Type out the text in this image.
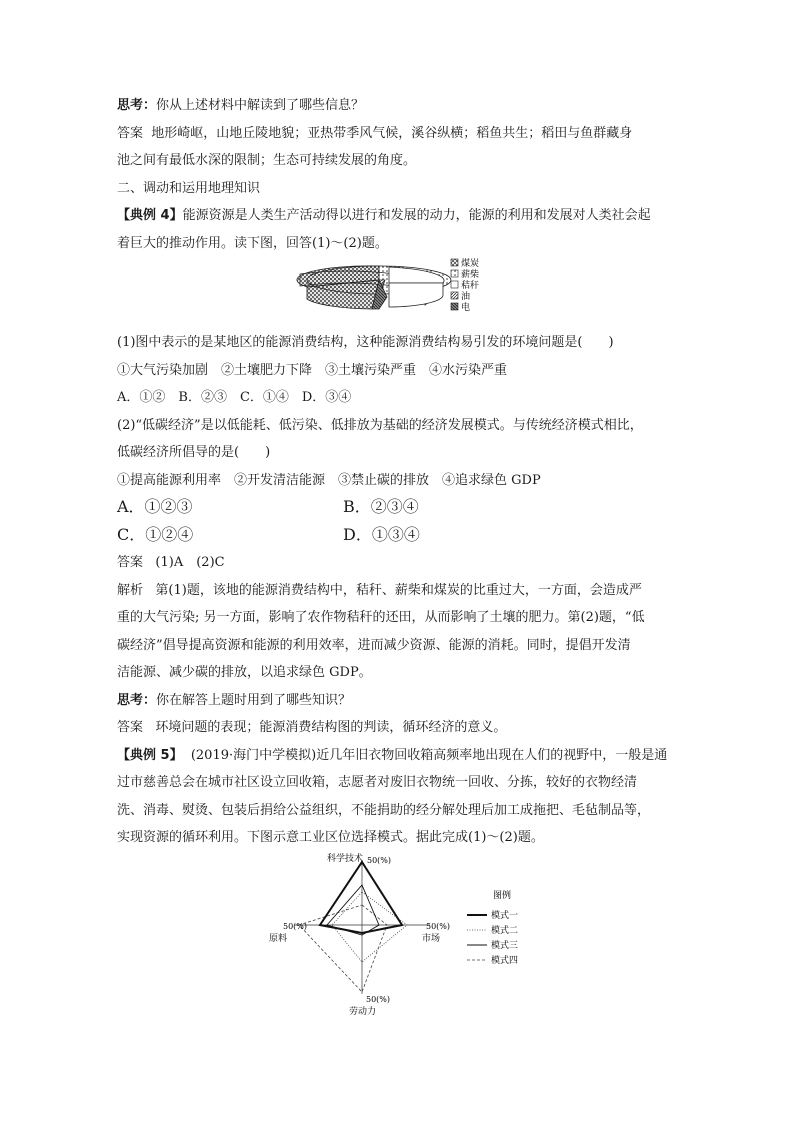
思考：你从上述材料中解读到了哪些信息？
答案 地形崎岖，山地丘陵地貌；亚热带季风气候，溪谷纵横；稻鱼共生；稻田与鱼群藏身
池之间有最低水深的限制；生态可持续发展的角度。
二、调动和运用地理知识
【典例 4】能源资源是人类生产活动得以进行和发展的动力，能源的利用和发展对人类社会起
着巨大的推动作用。读下图，回答(1)～(2)题。
煤炭
薪柴
秸秆
油
电
(1)图中表示的是某地区的能源消费结构，这种能源消费结构易引发的环境问题是(　　)
①大气污染加剧　②土壤肥力下降　③土壤污染严重　④水污染严重
A．①②　B．②③　C．①④　D．③④
(2)“低碳经济”是以低能耗、低污染、低排放为基础的经济发展模式。与传统经济模式相比，
低碳经济所倡导的是(　　)
①提高能源利用率　②开发清洁能源　③禁止碳的排放　④追求绿色 GDP
A．①②③	B．②③④
C．①②④	D．①③④
答案 (1)A　(2)C
解析 第(1)题，该地的能源消费结构中，秸秆、薪柴和煤炭的比重过大，一方面，会造成严
重的大气污染; 另一方面，影响了农作物秸秆的还田，从而影响了土壤的肥力。第(2)题，“低
碳经济”倡导提高资源和能源的利用效率，进而减少资源、能源的消耗。同时，提倡开发清
洁能源、减少碳的排放，以追求绿色 GDP。
思考：你在解答上题时用到了哪些知识？
答案 环境问题的表现；能源消费结构图的判读，循环经济的意义。
【典例 5】 (2019·海门中学模拟)近几年旧衣物回收箱高频率地出现在人们的视野中，一般是通
过市慈善总会在城市社区设立回收箱，志愿者对废旧衣物统一回收、分拣，较好的衣物经清
洗、消毒、熨烫、包装后捐给公益组织，不能捐助的经分解处理后加工成拖把、毛毡制品等，
实现资源的循环利用。下图示意工业区位选择模式。据此完成(1)～(2)题。
科学技术 50(%)
50(%)
市场
50(%)
原料
50(%)
劳动力
图例
模式一
模式二
模式三
模式四
